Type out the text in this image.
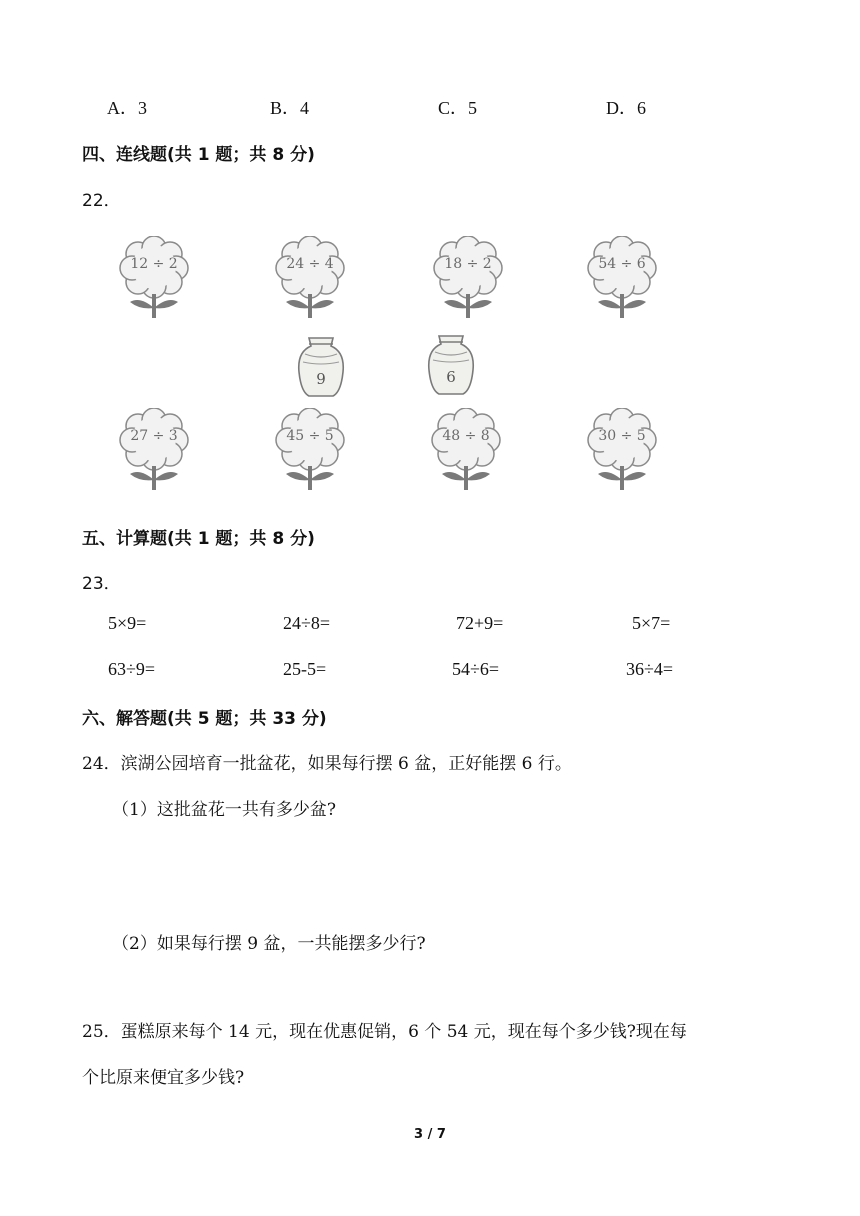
A．3	B．4	C．5	D．6
四、连线题(共 1 题；共 8 分)
22．
12 ÷ 2	24 ÷ 4	18 ÷ 2	54 ÷ 6
9	6
27 ÷ 3	45 ÷ 5	48 ÷ 8	30 ÷ 5
五、计算题(共 1 题；共 8 分)
23．
5×9=	24÷8=	72+9=	5×7=
63÷9=	25-5=	54÷6=	36÷4=
六、解答题(共 5 题；共 33 分)
24．滨湖公园培育一批盆花，如果每行摆 6 盆，正好能摆 6 行。
（1）这批盆花一共有多少盆?
（2）如果每行摆 9 盆，一共能摆多少行?
25．蛋糕原来每个 14 元，现在优惠促销，6 个 54 元，现在每个多少钱?现在每
个比原来便宜多少钱?
3 / 7
